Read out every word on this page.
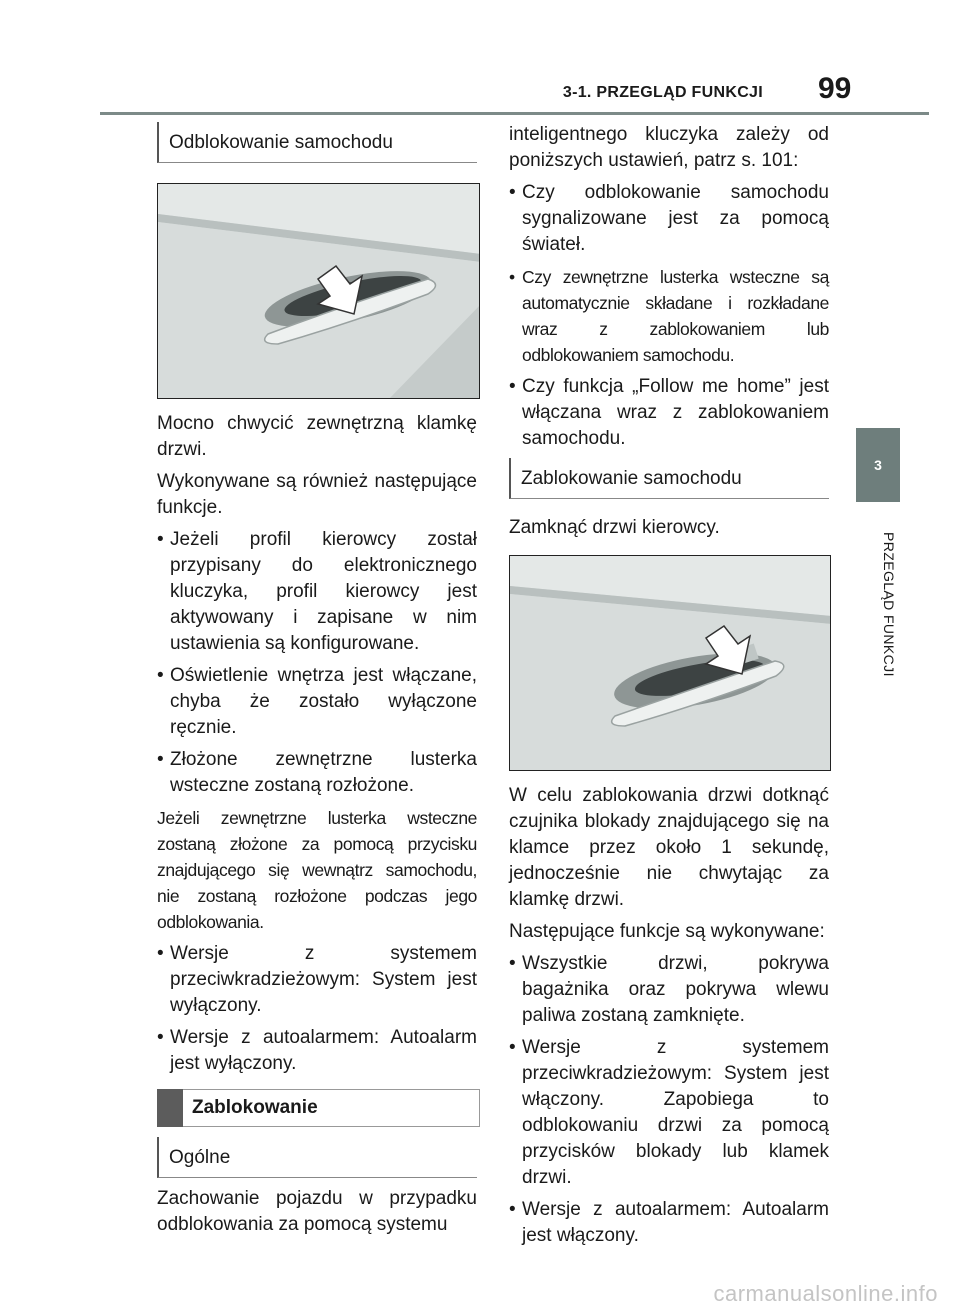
3-1. PRZEGLĄD FUNKCJI 99
3
PRZEGLĄD FUNKCJI
Odblokowanie samochodu

Mocno chwycić zewnętrzną klamkę drzwi.

Wykonywane są również następujące funkcje.

• Jeżeli profil kierowcy został przypisany do elektronicznego kluczyka, profil kierowcy jest aktywowany i zapisane w nim ustawienia są konfigurowane.
• Oświetlenie wnętrza jest włączane, chyba że zostało wyłączone ręcznie.
• Złożone zewnętrzne lusterka wsteczne zostaną rozłożone.

Jeżeli zewnętrzne lusterka wsteczne zostaną złożone za pomocą przycisku znajdującego się wewnątrz samochodu, nie zostaną rozłożone podczas jego odblokowania.

• Wersje z systemem przeciwkradzieżowym: System jest wyłączony.
• Wersje z autoalarmem: Autoalarm jest wyłączony.
Zablokowanie
Ogólne

Zachowanie pojazdu w przypadku odblokowania za pomocą systemu

inteligentnego kluczyka zależy od poniższych ustawień, patrz s. 101:

• Czy odblokowanie samochodu sygnalizowane jest za pomocą świateł.
• Czy zewnętrzne lusterka wsteczne są automatycznie składane i rozkładane wraz z zablokowaniem lub odblokowaniem samochodu.
• Czy funkcja „Follow me home” jest włączana wraz z zablokowaniem samochodu.
Zablokowanie samochodu

Zamknąć drzwi kierowcy.

W celu zablokowania drzwi dotknąć czujnika blokady znajdującego się na klamce przez około 1 sekundę, jednocześnie nie chwytając za klamkę drzwi.

Następujące funkcje są wykonywane:

• Wszystkie drzwi, pokrywa bagażnika oraz pokrywa wlewu paliwa zostaną zamknięte.
• Wersje z systemem przeciwkradzieżowym: System jest włączony. Zapobiega to odblokowaniu drzwi za pomocą przycisków blokady lub klamek drzwi.
• Wersje z autoalarmem: Autoalarm jest włączony.
carmanualsonline.info
